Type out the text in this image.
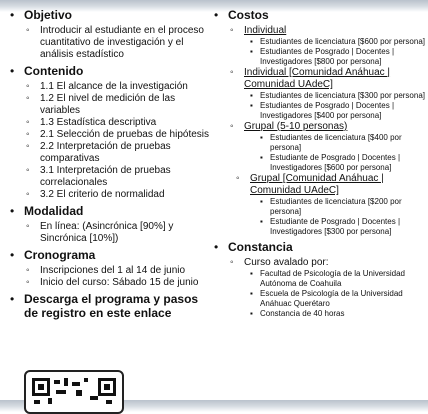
• Objetivo
◦	Introducir al estudiante en el proceso cuantitativo de investigación y el análisis estadístico
• Contenido
◦	1.1 El alcance de la investigación
◦	1.2 El nivel de medición de las variables
◦	1.3 Estadística descriptiva
◦	2.1 Selección de pruebas de hipótesis
◦	2.2 Interpretación de pruebas comparativas
◦	3.1 Interpretación de pruebas correlacionales
◦	3.2 El criterio de normalidad
• Modalidad
◦	En línea: (Asincrónica [90%] y Sincrónica [10%])
• Cronograma
◦	Inscripciones del 1 al 14 de junio
◦	Inicio del curso: Sábado 15 de junio
• Descarga el programa y pasos de registro en este enlace
• Costos
◦	Individual
▪ Estudiantes de licenciatura [$600 por persona]
▪ Estudiantes de Posgrado | Docentes | Investigadores [$800 por persona]
◦	Individual [Comunidad Anáhuac | Comunidad UAdeC]
▪ Estudiantes de licenciatura [$300 por persona]
▪ Estudiantes de Posgrado | Docentes | Investigadores [$400 por persona]
◦	Grupal (5-10 personas)
▪ Estudiantes de licenciatura [$400 por persona]
▪ Estudiante de Posgrado | Docentes | Investigadores [$600 por persona]
◦	Grupal [Comunidad Anáhuac | Comunidad UAdeC]
▪ Estudiantes de licenciatura [$200 por persona]
▪ Estudiante de Posgrado | Docentes | Investigadores [$300 por persona]
• Constancia
◦	Curso avalado por:
▪ Facultad de Psicología de la Universidad Autónoma de Coahuila
▪ Escuela de Psicología de la Universidad Anáhuac Querétaro
▪ Constancia de 40 horas
